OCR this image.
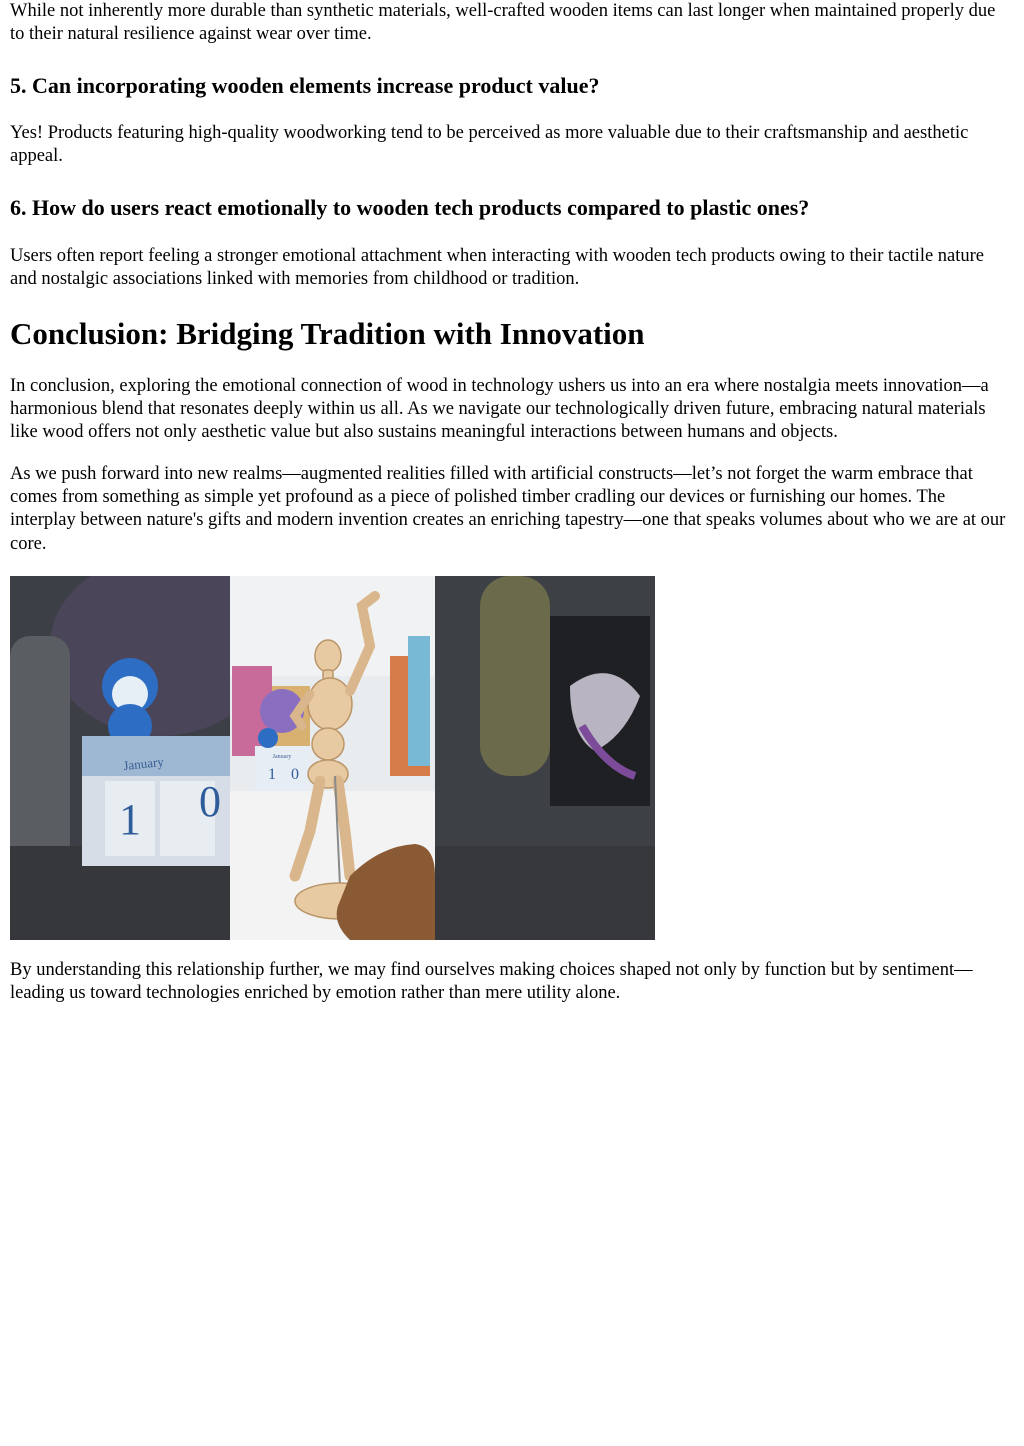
While not inherently more durable than synthetic materials, well-crafted wooden items can last longer when maintained properly due to their natural resilience against wear over time.

5. Can incorporating wooden elements increase product value?

Yes! Products featuring high-quality woodworking tend to be perceived as more valuable due to their craftsmanship and aesthetic appeal.

6. How do users react emotionally to wooden tech products compared to plastic ones?

Users often report feeling a stronger emotional attachment when interacting with wooden tech products owing to their tactile nature and nostalgic associations linked with memories from childhood or tradition.

Conclusion: Bridging Tradition with Innovation

In conclusion, exploring the emotional connection of wood in technology ushers us into an era where nostalgia meets innovation—a harmonious blend that resonates deeply within us all. As we navigate our technologically driven future, embracing natural materials like wood offers not only aesthetic value but also sustains meaningful interactions between humans and objects.

As we push forward into new realms—augmented realities filled with artificial constructs—let’s not forget the warm embrace that comes from something as simple yet profound as a piece of polished timber cradling our devices or furnishing our homes. The interplay between nature's gifts and modern invention creates an enriching tapestry—one that speaks volumes about who we are at our core.

January
1 0
January
1 0

By understanding this relationship further, we may find ourselves making choices shaped not only by function but by sentiment—leading us toward technologies enriched by emotion rather than mere utility alone.
